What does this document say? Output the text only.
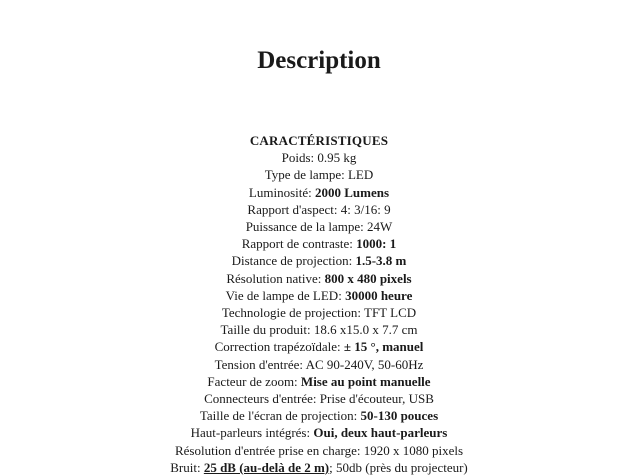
Description
CARACTÉRISTIQUES
Poids: 0.95 kg
Type de lampe: LED
Luminosité: 2000 Lumens
Rapport d'aspect: 4: 3/16: 9
Puissance de la lampe: 24W
Rapport de contraste: 1000: 1
Distance de projection: 1.5-3.8 m
Résolution native: 800 x 480 pixels
Vie de lampe de LED: 30000 heure
Technologie de projection: TFT LCD
Taille du produit: 18.6 x15.0 x 7.7 cm
Correction trapézoïdale: ± 15 °, manuel
Tension d'entrée: AC 90-240V, 50-60Hz
Facteur de zoom: Mise au point manuelle
Connecteurs d'entrée: Prise d'écouteur, USB
Taille de l'écran de projection: 50-130 pouces
Haut-parleurs intégrés: Oui, deux haut-parleurs
Résolution d'entrée prise en charge: 1920 x 1080 pixels
Bruit: 25 dB (au-delà de 2 m); 50db (près du projecteur)
